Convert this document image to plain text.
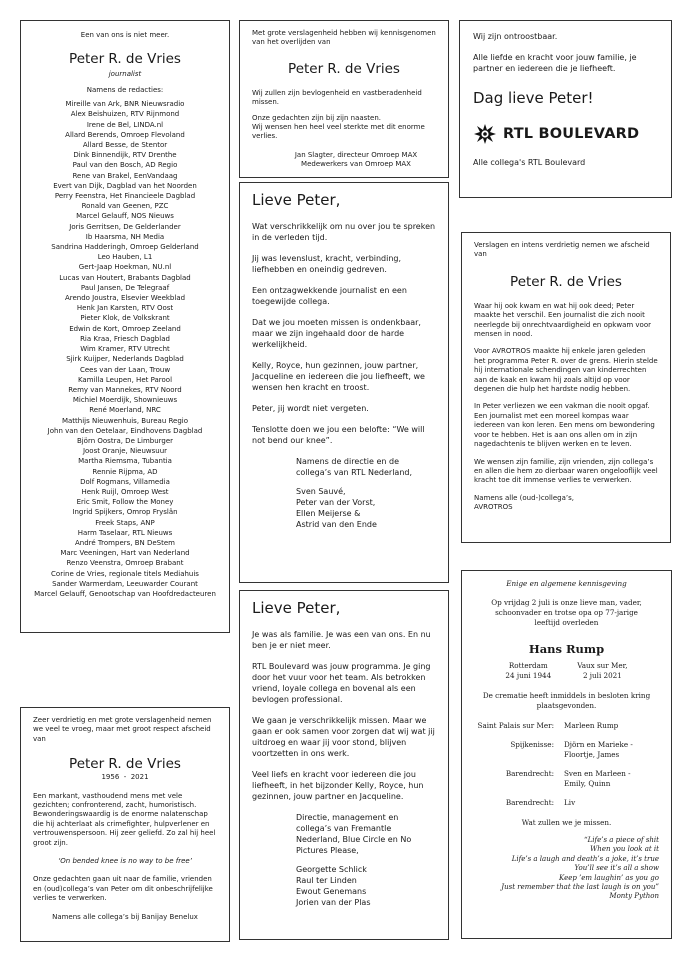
Een van ons is niet meer.

Peter R. de Vries

journalist

Namens de redacties:

Mireille van Ark, BNR Nieuwsradio
Alex Beishuizen, RTV Rijnmond
Irene de Bel, LINDA.nl
Allard Berends, Omroep Flevoland
Allard Besse, de Stentor
Dink Binnendijk, RTV Drenthe
Paul van den Bosch, AD Regio
Rene van Brakel, EenVandaag
Evert van Dijk, Dagblad van het Noorden
Perry Feenstra, Het Financieele Dagblad
Ronald van Geenen, PZC
Marcel Gelauff, NOS Nieuws
Joris Gerritsen, De Gelderlander
Ib Haarsma, NH Media
Sandrina Hadderingh, Omroep Gelderland
Leo Hauben, L1
Gert-Jaap Hoekman, NU.nl
Lucas van Houtert, Brabants Dagblad
Paul Jansen, De Telegraaf
Arendo Joustra, Elsevier Weekblad
Henk Jan Karsten, RTV Oost
Pieter Klok, de Volkskrant
Edwin de Kort, Omroep Zeeland
Ria Kraa, Friesch Dagblad
Wim Kramer, RTV Utrecht
Sjirk Kuijper, Nederlands Dagblad
Cees van der Laan, Trouw
Kamilla Leupen, Het Parool
Remy van Mannekes, RTV Noord
Michiel Moerdijk, Shownieuws
René Moerland, NRC
Matthijs Nieuwenhuis, Bureau Regio
John van den Oetelaar, Eindhovens Dagblad
Björn Oostra, De Limburger
Joost Oranje, Nieuwsuur
Martha Riemsma, Tubantia
Rennie Rijpma, AD
Dolf Rogmans, Villamedia
Henk Ruijl, Omroep West
Eric Smit, Follow the Money
Ingrid Spijkers, Omrop Fryslân
Freek Staps, ANP
Harm Taselaar, RTL Nieuws
André Trompers, BN DeStem
Marc Veeningen, Hart van Nederland
Renzo Veenstra, Omroep Brabant
Corine de Vries, regionale titels Mediahuis
Sander Warmerdam, Leeuwarder Courant
Marcel Gelauff, Genootschap van Hoofdredacteuren

Met grote verslagenheid hebben wij kennisgenomen van het overlijden van

Peter R. de Vries

Wij zullen zijn bevlogenheid en vastberadenheid missen.

Onze gedachten zijn bij zijn naasten.

Wij wensen hen heel veel sterkte met dit enorme verlies.

Jan Slagter, directeur Omroep MAX

Medewerkers van Omroep MAX

Wij zijn ontroostbaar.

Alle liefde en kracht voor jouw familie, je partner en iedereen die je liefheeft.

Dag lieve Peter!

RTL BOULEVARD

Alle collega's RTL Boulevard

Lieve Peter,

Wat verschrikkelijk om nu over jou te spreken in de verleden tijd.

Jij was levenslust, kracht, verbinding, liefhebben en oneindig gedreven.

Een ontzagwekkende journalist en een toegewijde collega.

Dat we jou moeten missen is ondenkbaar, maar we zijn ingehaald door de harde werkelijkheid.

Kelly, Royce, hun gezinnen, jouw partner, Jacqueline en iedereen die jou liefheeft, we wensen hen kracht en troost.

Peter, jij wordt niet vergeten.

Tenslotte doen we jou een belofte: “We will not bend our knee”.

Namens de directie en de collega’s van RTL Nederland,

Sven Sauvé,

Peter van der Vorst,

Ellen Meijerse &

Astrid van den Ende

Verslagen en intens verdrietig nemen we afscheid van

Peter R. de Vries

Waar hij ook kwam en wat hij ook deed; Peter maakte het verschil. Een journalist die zich nooit neerlegde bij onrechtvaardigheid en opkwam voor mensen in nood.

Voor AVROTROS maakte hij enkele jaren geleden het programma Peter R. over de grens. Hierin stelde hij internationale schendingen van kinderrechten aan de kaak en kwam hij zoals altijd op voor degenen die hulp het hardste nodig hebben.

In Peter verliezen we een vakman die nooit opgaf. Een journalist met een moreel kompas waar iedereen van kon leren. Een mens om bewondering voor te hebben. Het is aan ons allen om in zijn nagedachtenis te blijven werken en te leven.

We wensen zijn familie, zijn vrienden, zijn collega’s en allen die hem zo dierbaar waren ongelooflijk veel kracht toe dit immense verlies te verwerken.

Namens alle (oud-)collega’s,

AVROTROS

Zeer verdrietig en met grote verslagenheid nemen we veel te vroeg, maar met groot respect afscheid van

Peter R. de Vries

1956  -  2021

Een markant, vasthoudend mens met vele gezichten; confronterend, zacht, humoristisch. Bewonderingswaardig is de enorme nalatenschap die hij achterlaat als crimefighter, hulpverlener en vertrouwenspersoon. Hij zeer geliefd. Zo zal hij heel groot zijn.

‘On bended knee is no way to be free’

Onze gedachten gaan uit naar de familie, vrienden en (oud)collega’s van Peter om dit onbeschrijfelijke verlies te verwerken.

Namens alle collega’s bij Banijay Benelux

Lieve Peter,

Je was als familie. Je was een van ons. En nu ben je er niet meer.

RTL Boulevard was jouw programma. Je ging door het vuur voor het team. Als betrokken vriend, loyale collega en bovenal als een bevlogen professional.

We gaan je verschrikkelijk missen. Maar we gaan er ook samen voor zorgen dat wij wat jij uitdroeg en waar jij voor stond, blijven voortzetten in ons werk.

Veel liefs en kracht voor iedereen die jou liefheeft, in het bijzonder Kelly, Royce, hun gezinnen, jouw partner en Jacqueline.

Directie, management en collega’s van Fremantle Nederland, Blue Circle en No Pictures Please,

Georgette Schlick

Raul ter Linden

Ewout Genemans

Jorien van der Plas

Enige en algemene kennisgeving

Op vrijdag 2 juli is onze lieve man, vader, schoonvader en trotse opa op 77-jarige leeftijd overleden

Hans Rump

Rotterdam

24 juni 1944

Vaux sur Mer,

2 juli 2021

De crematie heeft inmiddels in besloten kring plaatsgevonden.

Saint Palais sur Mer:	Marleen Rump
Spijkenisse:	Djörn en Marieke - Floortje, James
Barendrecht:	Sven en Marleen - Emily, Quinn
Barendrecht:	Liv

Wat zullen we je missen.

“Life’s a piece of shit

When you look at it

Life’s a laugh and death’s a joke, it’s true

You’ll see it’s all a show

Keep ’em laughin’ as you go

Just remember that the last laugh is on you”

Monty Python
